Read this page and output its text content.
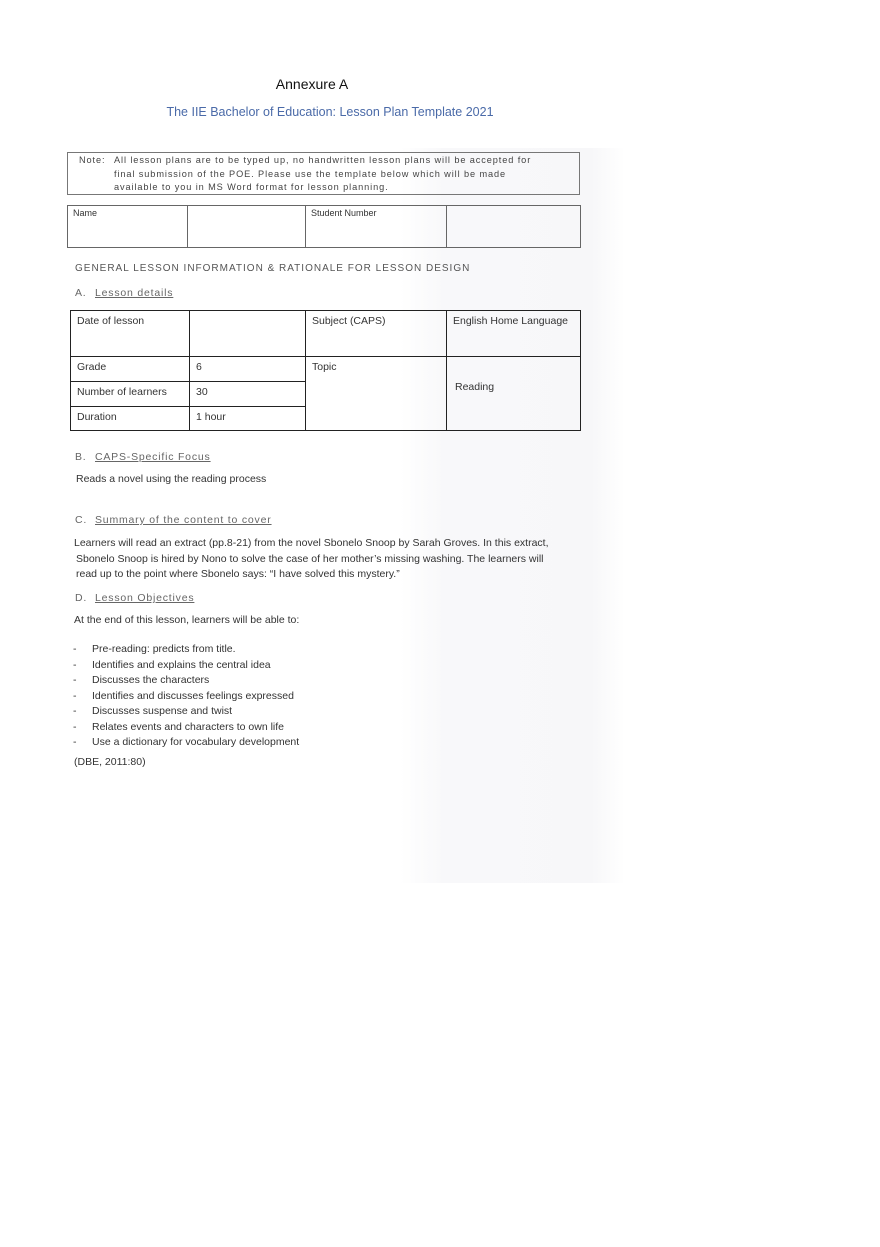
Annexure A
The IIE Bachelor of Education: Lesson Plan Template 2021
Note: All lesson plans are to be typed up, no handwritten lesson plans will be accepted for
final submission of the POE. Please use the template below which will be made
available to you in MS Word format for lesson planning.
Name		Student Number	
GENERAL LESSON INFORMATION & RATIONALE FOR LESSON DESIGN
A. Lesson details
Date of lesson		Subject (CAPS)	English Home Language
Grade	6	Topic	Reading
Number of learners	30		
Duration	1 hour		
B. CAPS-Specific Focus
Reads a novel using the reading process
C. Summary of the content to cover
Learners will read an extract (pp.8-21) from the novel Sbonelo Snoop by Sarah Groves. In this extract,
Sbonelo Snoop is hired by Nono to solve the case of her mother’s missing washing. The learners will
read up to the point where Sbonelo says: “I have solved this mystery.”
D. Lesson Objectives
At the end of this lesson, learners will be able to:
-	Pre-reading: predicts from title.
-	Identifies and explains the central idea
-	Discusses the characters
-	Identifies and discusses feelings expressed
-	Discusses suspense and twist
-	Relates events and characters to own life
-	Use a dictionary for vocabulary development
(DBE, 2011:80)
